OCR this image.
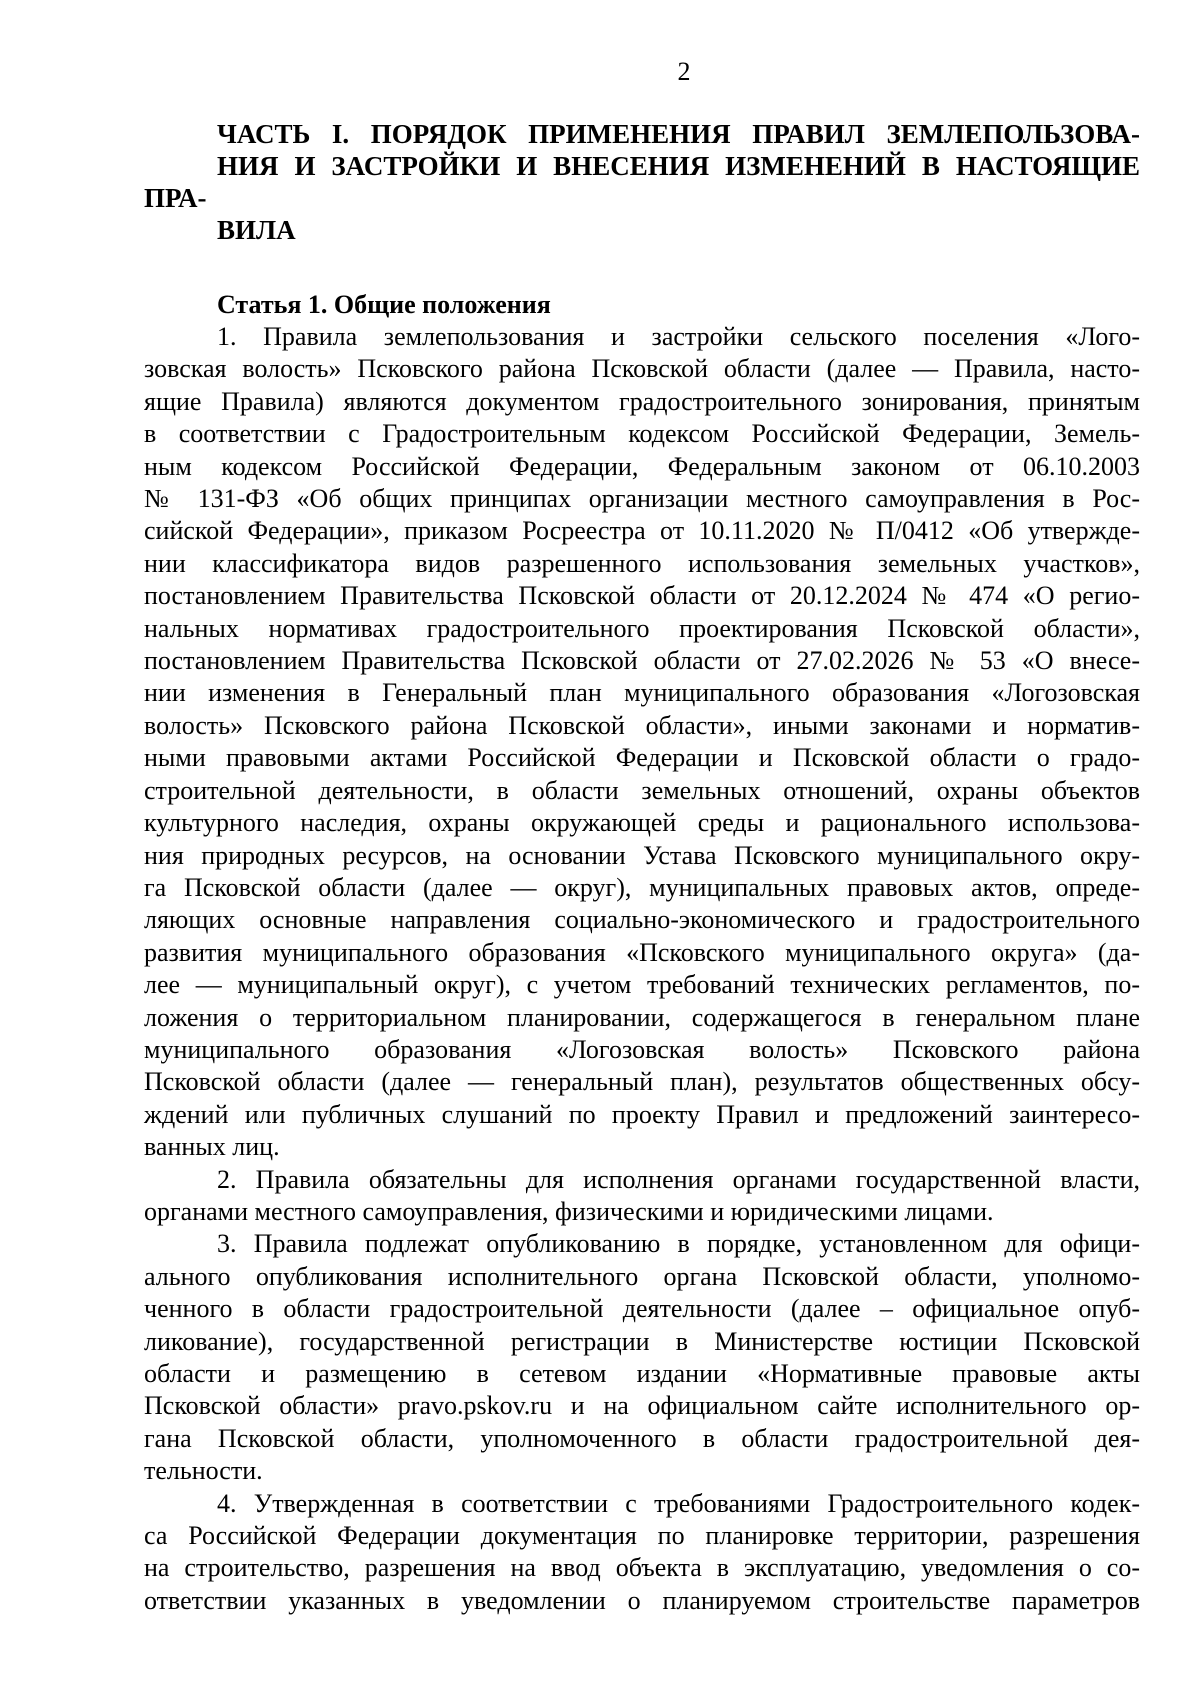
2
ЧАСТЬ I. ПОРЯДОК ПРИМЕНЕНИЯ ПРАВИЛ ЗЕМЛЕПОЛЬЗОВА-
НИЯ И ЗАСТРОЙКИ И ВНЕСЕНИЯ ИЗМЕНЕНИЙ В НАСТОЯЩИЕ ПРА-
ВИЛА
Статья 1. Общие положения
1. Правила землепользования и застройки сельского поселения «Лого-
зовская волость» Псковского района Псковской области (далее — Правила, насто-
ящие Правила) являются документом градостроительного зонирования, принятым
в соответствии с Градостроительным кодексом Российской Федерации, Земель-
ным кодексом Российской Федерации, Федеральным законом от 06.10.2003
№ 131-ФЗ «Об общих принципах организации местного самоуправления в Рос-
сийской Федерации», приказом Росреестра от 10.11.2020 № П/0412 «Об утвержде-
нии классификатора видов разрешенного использования земельных участков»,
постановлением Правительства Псковской области от 20.12.2024 № 474 «О регио-
нальных нормативах градостроительного проектирования Псковской области»,
постановлением Правительства Псковской области от 27.02.2026 № 53 «О внесе-
нии изменения в Генеральный план муниципального образования «Логозовская
волость» Псковского района Псковской области», иными законами и норматив-
ными правовыми актами Российской Федерации и Псковской области о градо-
строительной деятельности, в области земельных отношений, охраны объектов
культурного наследия, охраны окружающей среды и рационального использова-
ния природных ресурсов, на основании Устава Псковского муниципального окру-
га Псковской области (далее — округ), муниципальных правовых актов, опреде-
ляющих основные направления социально-экономического и градостроительного
развития муниципального образования «Псковского муниципального округа» (да-
лее — муниципальный округ), с учетом требований технических регламентов, по-
ложения о территориальном планировании, содержащегося в генеральном плане
муниципального образования «Логозовская волость» Псковского района
Псковской области (далее — генеральный план), результатов общественных обсу-
ждений или публичных слушаний по проекту Правил и предложений заинтересо-
ванных лиц.
2. Правила обязательны для исполнения органами государственной власти,
органами местного самоуправления, физическими и юридическими лицами.
3. Правила подлежат опубликованию в порядке, установленном для офици-
ального опубликования исполнительного органа Псковской области, уполномо-
ченного в области градостроительной деятельности (далее – официальное опуб-
ликование), государственной регистрации в Министерстве юстиции Псковской
области и размещению в сетевом издании «Нормативные правовые акты
Псковской области» pravo.pskov.ru и на официальном сайте исполнительного ор-
гана Псковской области, уполномоченного в области градостроительной дея-
тельности.
4. Утвержденная в соответствии с требованиями Градостроительного кодек-
са Российской Федерации документация по планировке территории, разрешения
на строительство, разрешения на ввод объекта в эксплуатацию, уведомления о со-
ответствии указанных в уведомлении о планируемом строительстве параметров
